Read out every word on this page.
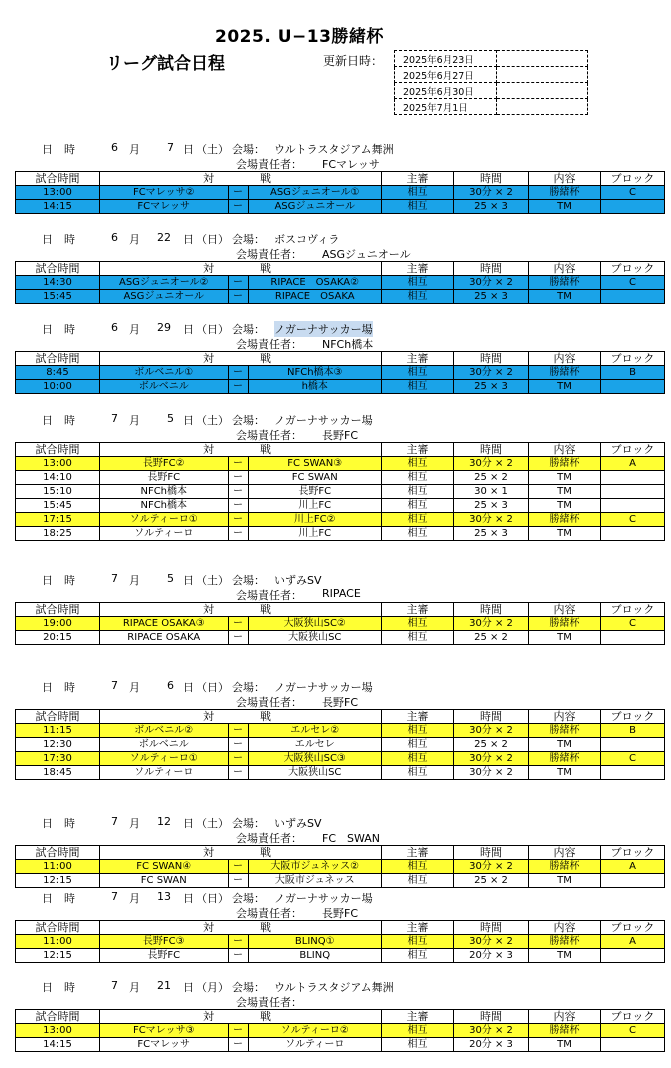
2025. U−13勝緒杯
リーグ試合日程	更新日時： 2025年6月23日	
2025年6月27日	
2025年6月30日	
2025年7月1日	
日　時	6 月 7 日 （土） 会場： ウルトラスタジアム舞洲
会場責任者： FCマレッサ
試合時間	対		戦	主審	時間	内容	ブロック
13:00	FCマレッサ②	ー	ASGジュニオール①	相互	30分 × 2	勝緒杯	C
14:15	FCマレッサ	ー	ASGジュニオール	相互	25 × 3	TM	
日　時	6 月 22 日 （日） 会場： ボスコヴィラ
会場責任者： ASGジュニオール
試合時間	対		戦	主審	時間	内容	ブロック
14:30	ASGジュニオール②	ー	RIPACE　OSAKA②	相互	30分 × 2	勝緒杯	C
15:45	ASGジュニオール	ー	RIPACE　OSAKA	相互	25 × 3	TM	
日　時	6 月 29 日 （日） 会場： ノガーナサッカー場
会場責任者： NFCh橋本
試合時間	対		戦	主審	時間	内容	ブロック
8:45	ボルベニル①	ー	NFCh橋本③	相互	30分 × 2	勝緒杯	B
10:00	ボルベニル	ー	h橋本	相互	25 × 3	TM	
日　時	7 月 5 日 （土） 会場： ノガーナサッカー場
会場責任者： 長野FC
試合時間	対		戦	主審	時間	内容	ブロック
13:00	長野FC②	ー	FC SWAN③	相互	30分 × 2	勝緒杯	A
14:10	長野FC	ー	FC SWAN	相互	25 × 2	TM	
15:10	NFCh橋本	ー	長野FC	相互	30 × 1	TM	
15:45	NFCh橋本	ー	川上FC	相互	25 × 3	TM	
17:15	ソルティーロ①	ー	川上FC②	相互	30分 × 2	勝緒杯	C
18:25	ソルティーロ	ー	川上FC	相互	25 × 3	TM	
日　時	7 月 5 日 （土） 会場： いずみSV
会場責任者： RIPACE
試合時間	対		戦	主審	時間	内容	ブロック
19:00	RIPACE OSAKA③	ー	大阪狭山SC②	相互	30分 × 2	勝緒杯	C
20:15	RIPACE OSAKA	ー	大阪狭山SC	相互	25 × 2	TM	
日　時	7 月 6 日 （日） 会場： ノガーナサッカー場
会場責任者： 長野FC
試合時間	対		戦	主審	時間	内容	ブロック
11:15	ボルベニル②	ー	エルセレ②	相互	30分 × 2	勝緒杯	B
12:30	ボルベニル	ー	エルセレ	相互	25 × 2	TM	
17:30	ソルティーロ①	ー	大阪狭山SC③	相互	30分 × 2	勝緒杯	C
18:45	ソルティーロ	ー	大阪狭山SC	相互	30分 × 2	TM	
日　時	7 月 12 日 （土） 会場： いずみSV
会場責任者： FC　SWAN
試合時間	対		戦	主審	時間	内容	ブロック
11:00	FC SWAN④	ー	大阪市ジュネッス②	相互	30分 × 2	勝緒杯	A
12:15	FC SWAN	ー	大阪市ジュネッス	相互	25 × 2	TM	
日　時	7 月 13 日 （日） 会場： ノガーナサッカー場
会場責任者： 長野FC
試合時間	対		戦	主審	時間	内容	ブロック
11:00	長野FC③	ー	BLINQ①	相互	30分 × 2	勝緒杯	A
12:15	長野FC	ー	BLINQ	相互	20分 × 3	TM	
日　時	7 月 21 日 （月） 会場： ウルトラスタジアム舞洲
会場責任者：
試合時間	対		戦	主審	時間	内容	ブロック
13:00	FCマレッサ③	ー	ソルティーロ②	相互	30分 × 2	勝緒杯	C
14:15	FCマレッサ	ー	ソルティーロ	相互	20分 × 3	TM	
